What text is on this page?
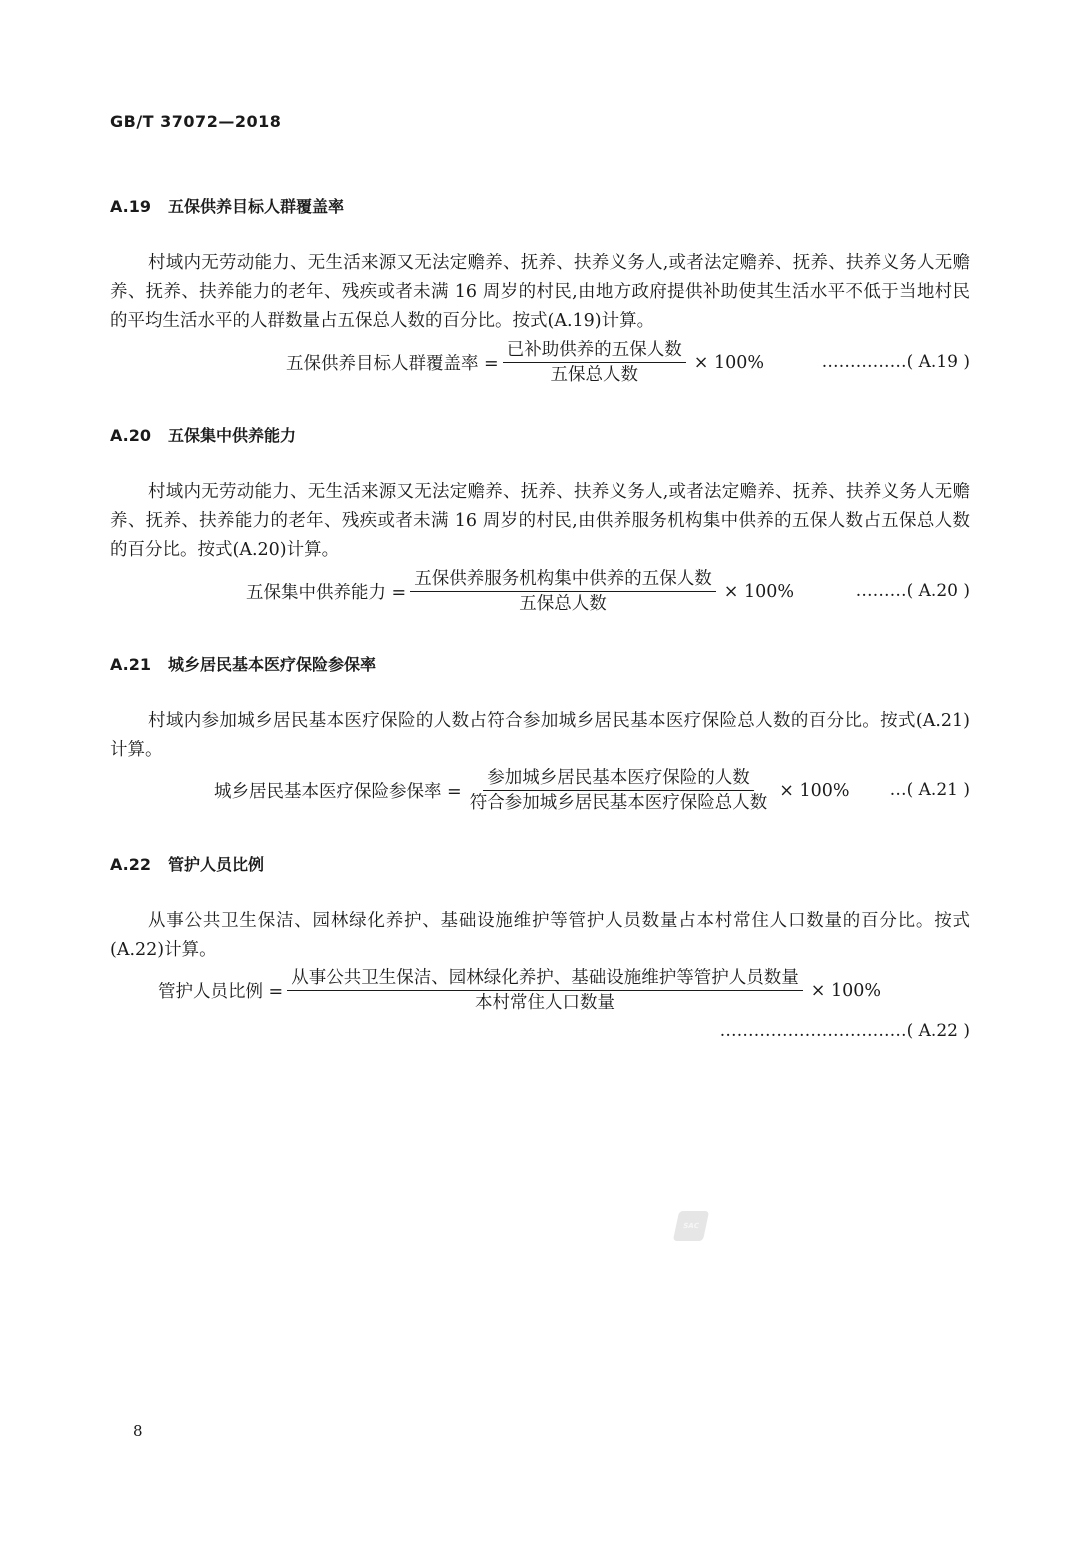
GB/T 37072—2018
A.19 五保供养目标人群覆盖率
村域内无劳动能力、无生活来源又无法定赡养、抚养、扶养义务人,或者法定赡养、抚养、扶养义务人无赡养、抚养、扶养能力的老年、残疾或者未满 16 周岁的村民,由地方政府提供补助使其生活水平不低于当地村民的平均生活水平的人群数量占五保总人数的百分比。按式(A.19)计算。
五保供养目标人群覆盖率 = $\frac{\text{已补助供养的五保人数}}{\text{五保总人数}} \times 100\%$	……………( A.19 )
A.20 五保集中供养能力
村域内无劳动能力、无生活来源又无法定赡养、抚养、扶养义务人,或者法定赡养、抚养、扶养义务人无赡养、抚养、扶养能力的老年、残疾或者未满 16 周岁的村民,由供养服务机构集中供养的五保人数占五保总人数的百分比。按式(A.20)计算。
五保集中供养能力 = $\frac{\text{五保供养服务机构集中供养的五保人数}}{\text{五保总人数}} \times 100\%$	………( A.20 )
A.21 城乡居民基本医疗保险参保率
村域内参加城乡居民基本医疗保险的人数占符合参加城乡居民基本医疗保险总人数的百分比。按式(A.21)计算。
城乡居民基本医疗保险参保率 = $\frac{\text{参加城乡居民基本医疗保险的人数}}{\text{符合参加城乡居民基本医疗保险总人数}} \times 100\%$ …( A.21 )
A.22 管护人员比例
从事公共卫生保洁、园林绿化养护、基础设施维护等管护人员数量占本村常住人口数量的百分比。按式(A.22)计算。
管护人员比例 = $\frac{\text{从事公共卫生保洁、园林绿化养护、基础设施维护等管护人员数量}}{\text{本村常住人口数量}} \times 100\%$
……………………………( A.22 )
SAC
8
